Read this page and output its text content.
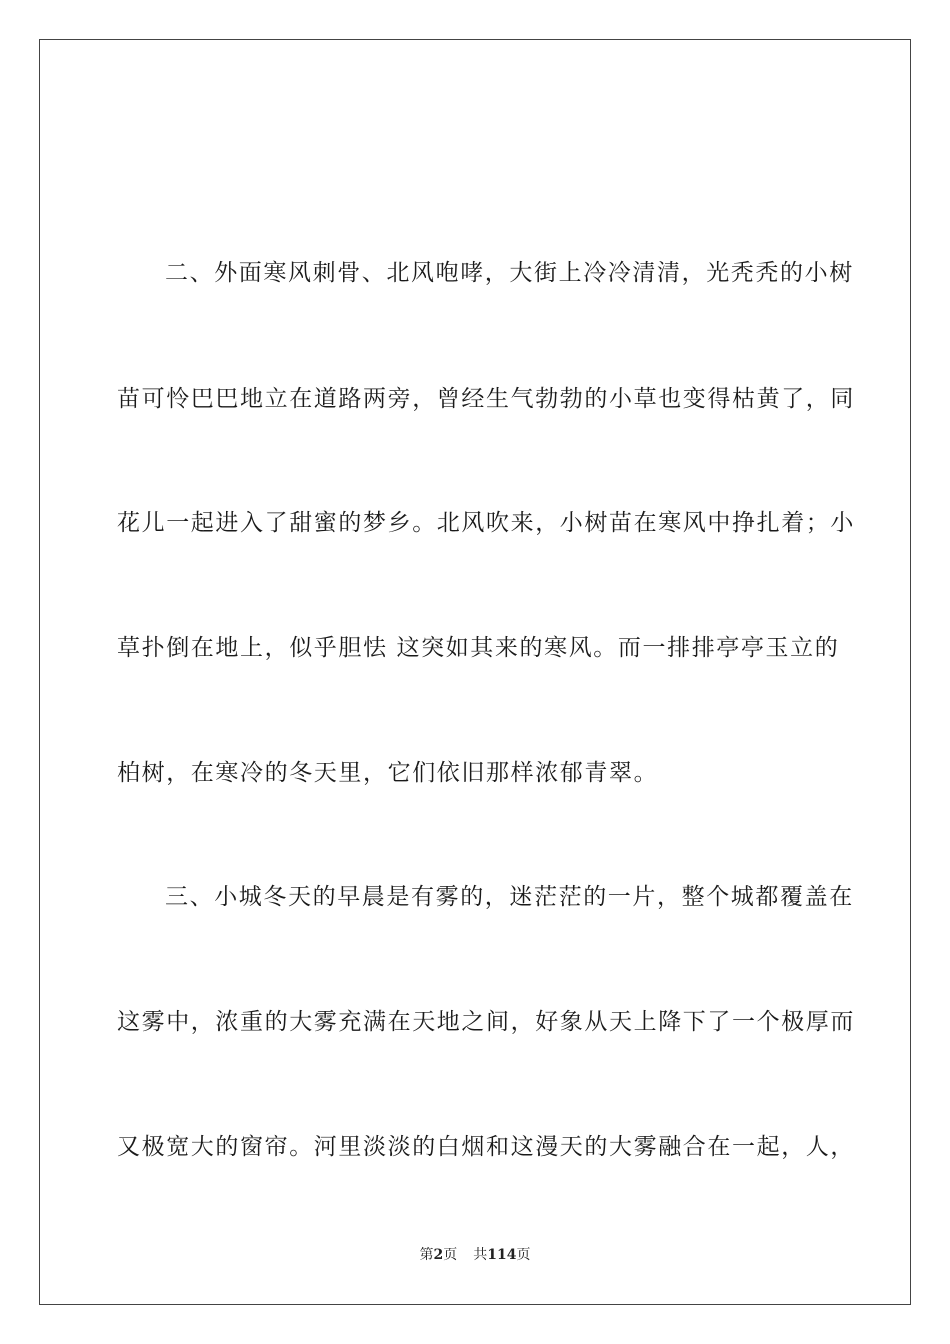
二、外面寒风刺骨、北风咆哮，大街上冷冷清清，光秃秃的小树
苗可怜巴巴地立在道路两旁，曾经生气勃勃的小草也变得枯黄了，同
花儿一起进入了甜蜜的梦乡。北风吹来，小树苗在寒风中挣扎着；小
草扑倒在地上，似乎胆怯 这突如其来的寒风。而一排排亭亭玉立的
柏树，在寒冷的冬天里，它们依旧那样浓郁青翠。
三、小城冬天的早晨是有雾的，迷茫茫的一片，整个城都覆盖在
这雾中，浓重的大雾充满在天地之间，好象从天上降下了一个极厚而
又极宽大的窗帘。河里淡淡的白烟和这漫天的大雾融合在一起，人，
第2页 共114页
